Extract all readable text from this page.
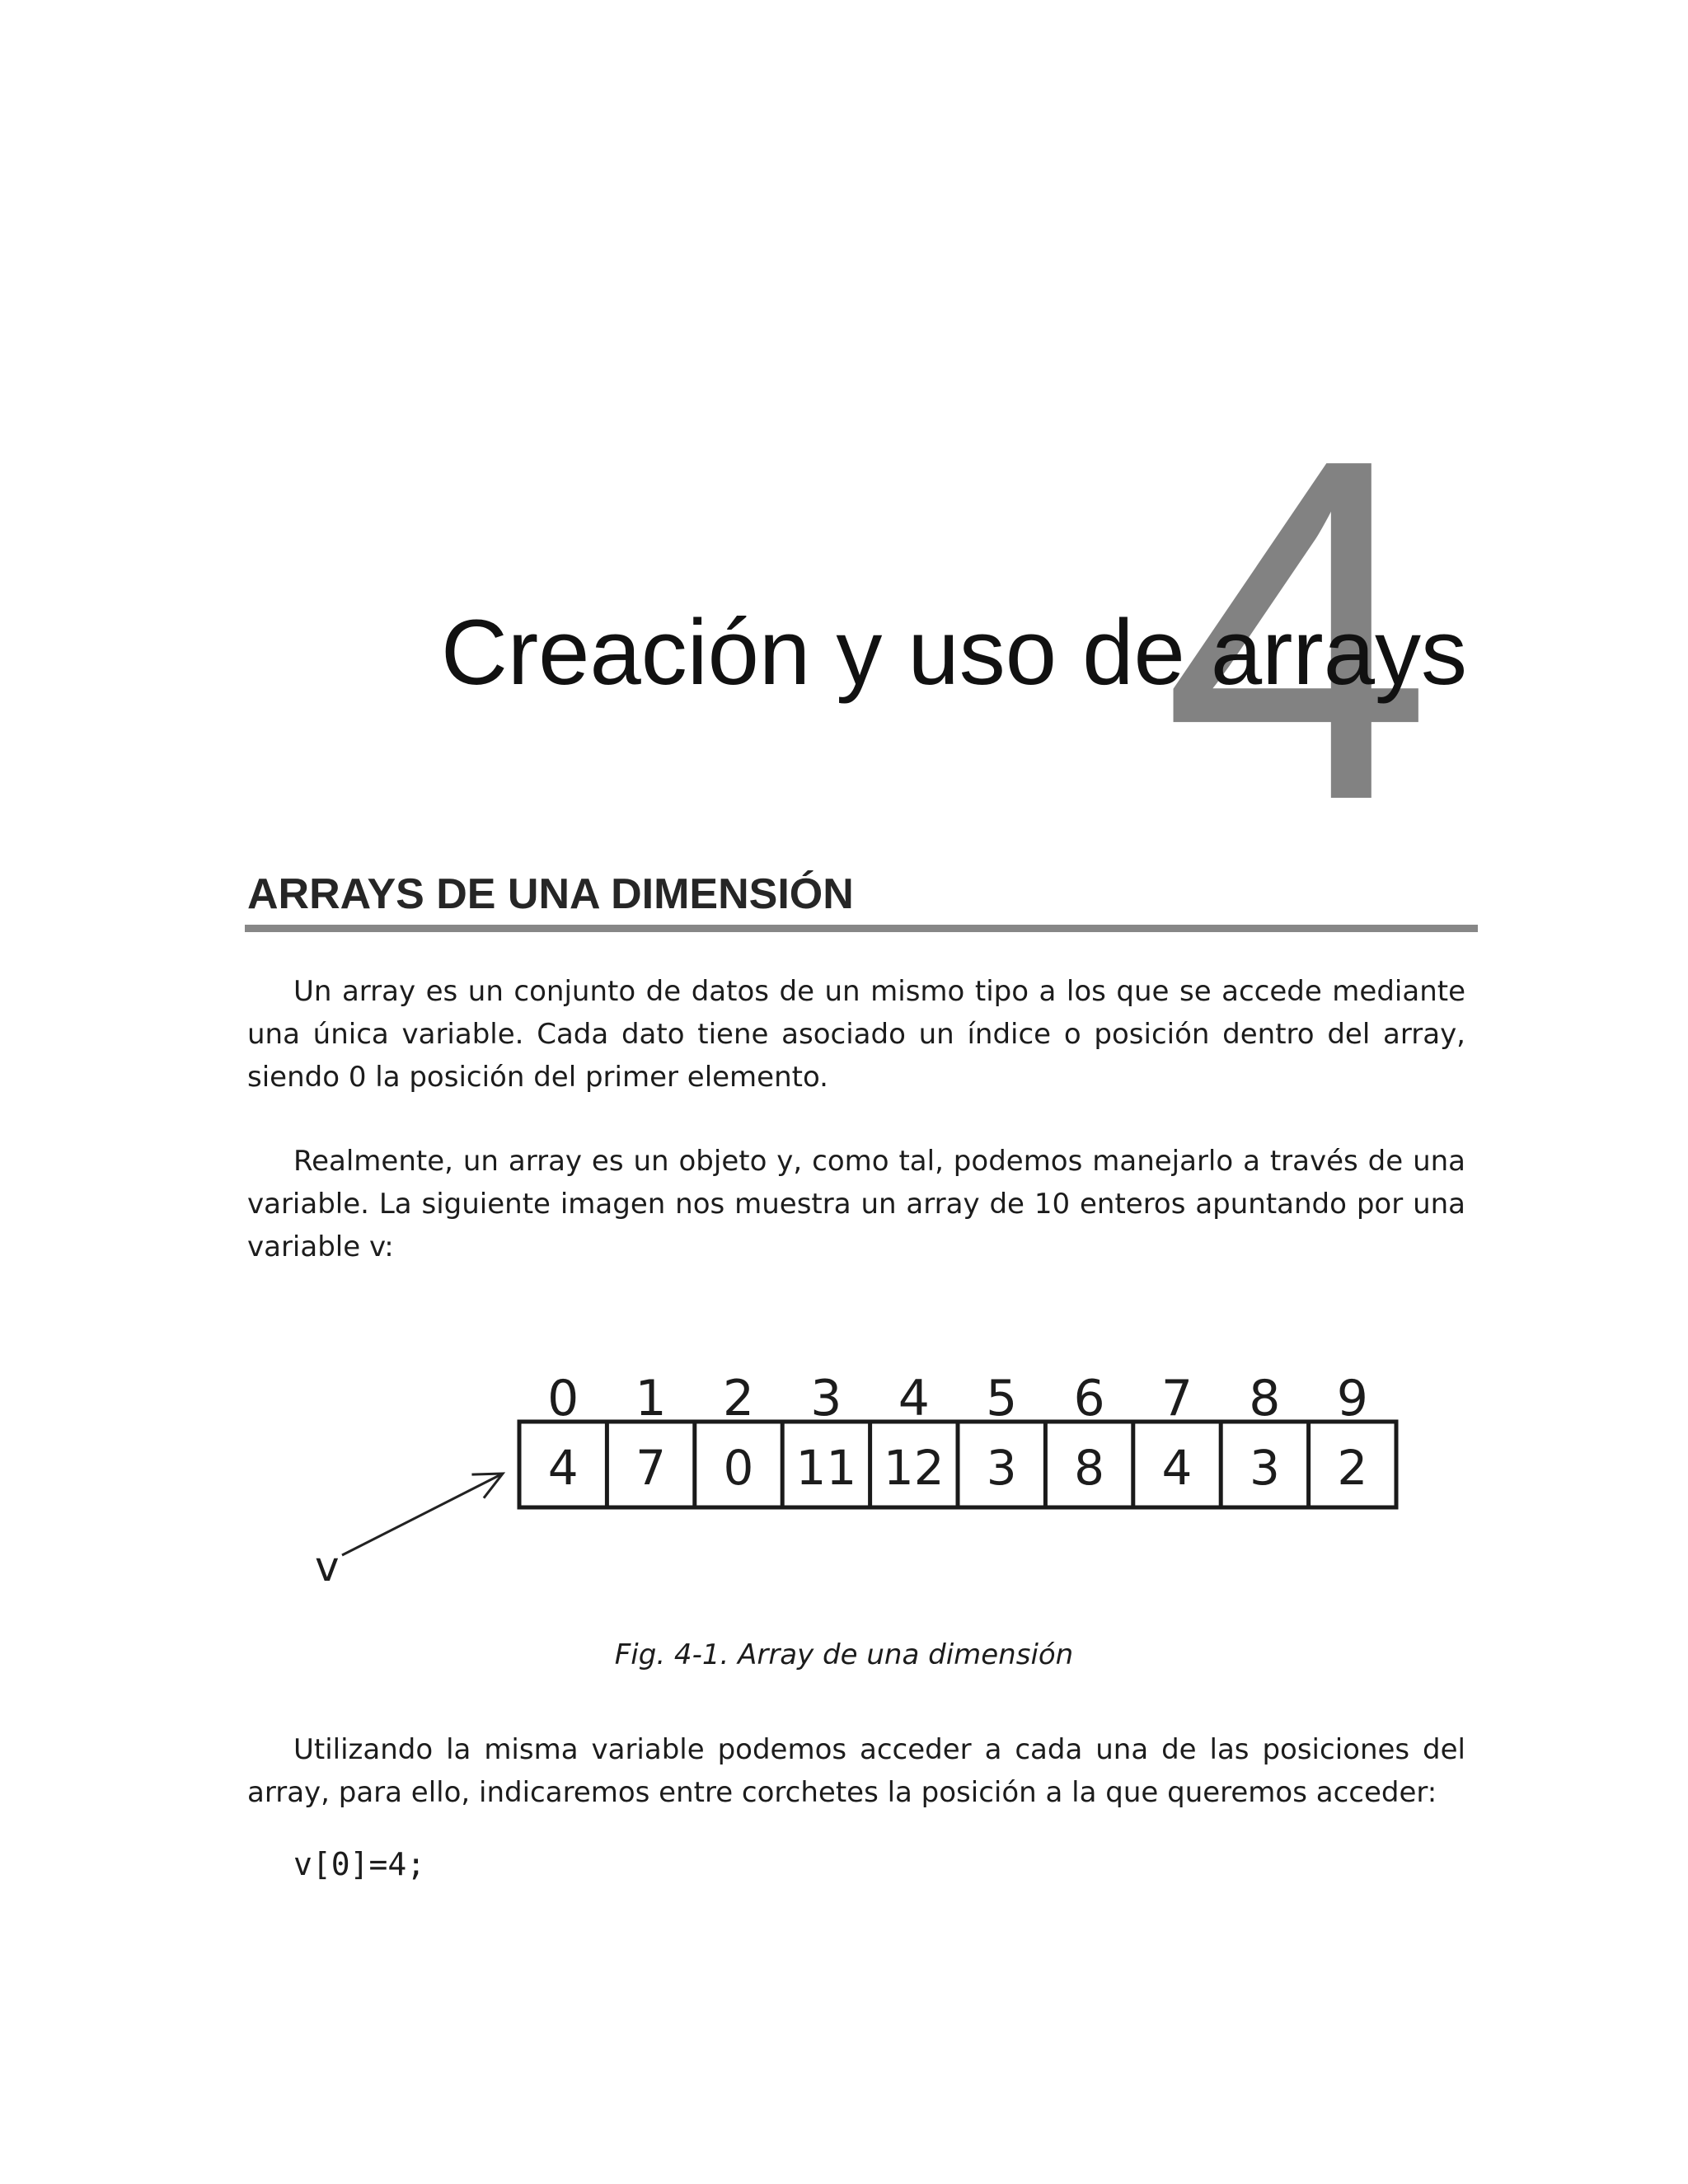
4
Creación y uso de arrays
ARRAYS DE UNA DIMENSIÓN

Un array es un conjunto de datos de un mismo tipo a los que se accede mediante una única variable. Cada dato tiene asociado un índice o posición dentro del array, siendo 0 la posición del primer elemento.

Realmente, un array es un objeto y, como tal, podemos manejarlo a través de una variable. La siguiente imagen nos muestra un array de 10 enteros apuntando por una variable v:

0 1 2 3 4 5 6 7 8 9
4 7 0 11 12 3 8 4 3 2
v
Fig. 4-1. Array de una dimensión

Utilizando la misma variable podemos acceder a cada una de las posiciones del array, para ello, indicaremos entre corchetes la posición a la que queremos acceder:

v[0]=4;
